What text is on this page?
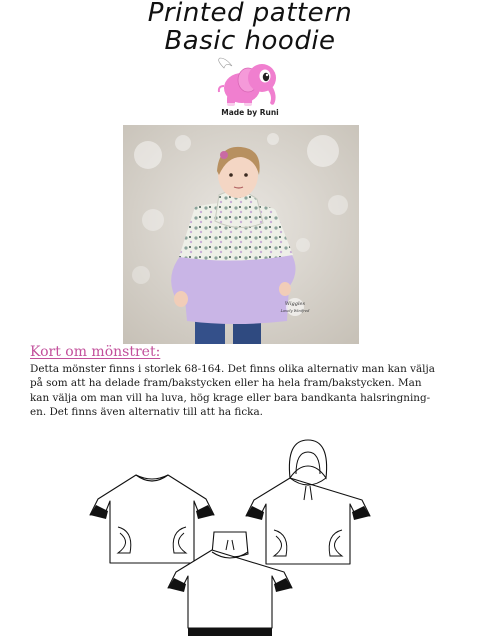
Printed pattern
Basic hoodie
Made by Runi
Wiggles
Lovely Winifred
Kort om mönstret:
Detta mönster finns i storlek 68-164. Det finns olika alternativ man kan välja
på som att ha delade fram/bakstycken eller ha hela fram/bakstycken. Man
kan välja om man vill ha luva, hög krage eller bara bandkanta halsringning-
en. Det finns även alternativ till att ha ficka.
